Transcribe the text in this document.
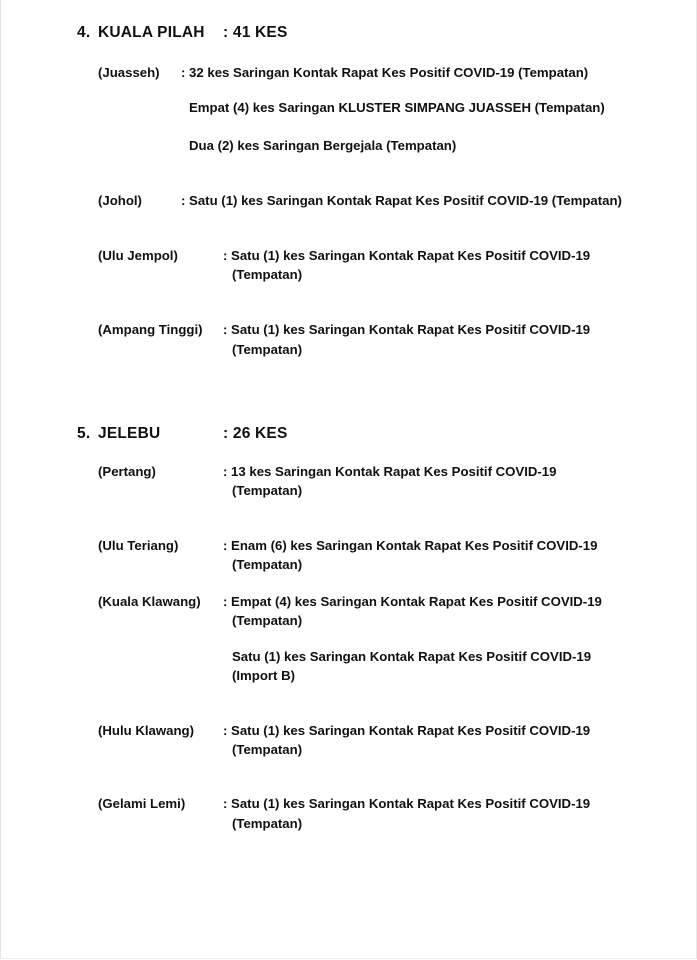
4. KUALA PILAH : 41 KES
(Juasseh) : 32 kes Saringan Kontak Rapat Kes Positif COVID-19 (Tempatan)
Empat (4) kes Saringan KLUSTER SIMPANG JUASSEH (Tempatan)
Dua (2) kes Saringan Bergejala (Tempatan)
(Johol)	: Satu (1) kes Saringan Kontak Rapat Kes Positif COVID-19 (Tempatan)
(Ulu Jempol)	: Satu (1) kes Saringan Kontak Rapat Kes Positif COVID-19
(Tempatan)
(Ampang Tinggi) : Satu (1) kes Saringan Kontak Rapat Kes Positif COVID-19
(Tempatan)
5. JELEBU	: 26 KES
(Pertang)	: 13 kes Saringan Kontak Rapat Kes Positif COVID-19
(Tempatan)
(Ulu Teriang)	: Enam (6) kes Saringan Kontak Rapat Kes Positif COVID-19
(Tempatan)
(Kuala Klawang) : Empat (4) kes Saringan Kontak Rapat Kes Positif COVID-19
(Tempatan)
Satu (1) kes Saringan Kontak Rapat Kes Positif COVID-19
(Import B)
(Hulu Klawang) : Satu (1) kes Saringan Kontak Rapat Kes Positif COVID-19
(Tempatan)
(Gelami Lemi)	: Satu (1) kes Saringan Kontak Rapat Kes Positif COVID-19
(Tempatan)
